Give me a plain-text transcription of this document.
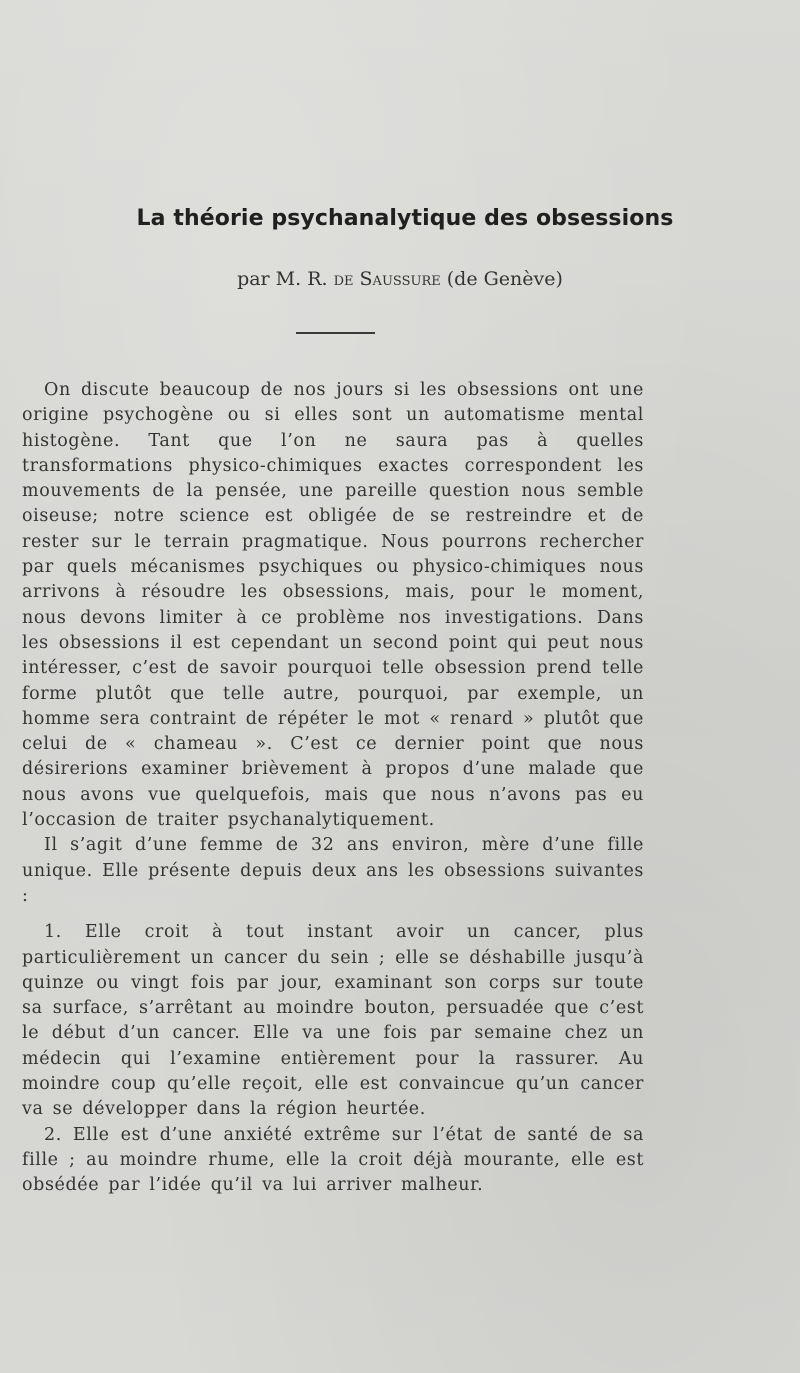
La théorie psychanalytique des obsessions
par M. R. de Saussure (de Genève)

On discute beaucoup de nos jours si les obsessions ont une origine psychogène ou si elles sont un automatisme mental histogène. Tant que l’on ne saura pas à quelles transformations physico-chimiques exactes correspondent les mouvements de la pensée, une pareille question nous semble oiseuse; notre science est obligée de se restreindre et de rester sur le terrain pragmatique. Nous pourrons rechercher par quels mécanismes psychiques ou physico-chimiques nous arrivons à résoudre les obsessions, mais, pour le moment, nous devons limiter à ce problème nos investigations. Dans les obsessions il est cependant un second point qui peut nous intéresser, c’est de savoir pourquoi telle obsession prend telle forme plutôt que telle autre, pourquoi, par exemple, un homme sera contraint de répéter le mot « renard » plutôt que celui de « chameau ». C’est ce dernier point que nous désirerions examiner brièvement à propos d’une malade que nous avons vue quelquefois, mais que nous n’avons pas eu l’occasion de traiter psychanalytiquement.

Il s’agit d’une femme de 32 ans environ, mère d’une fille unique. Elle présente depuis deux ans les obsessions suivantes :

1. Elle croit à tout instant avoir un cancer, plus particulièrement un cancer du sein ; elle se déshabille jusqu’à quinze ou vingt fois par jour, examinant son corps sur toute sa surface, s’arrêtant au moindre bouton, persuadée que c’est le début d’un cancer. Elle va une fois par semaine chez un médecin qui l’examine entièrement pour la rassurer. Au moindre coup qu’elle reçoit, elle est convaincue qu’un cancer va se développer dans la région heurtée.

2. Elle est d’une anxiété extrême sur l’état de santé de sa fille ; au moindre rhume, elle la croit déjà mourante, elle est obsédée par l’idée qu’il va lui arriver malheur.
